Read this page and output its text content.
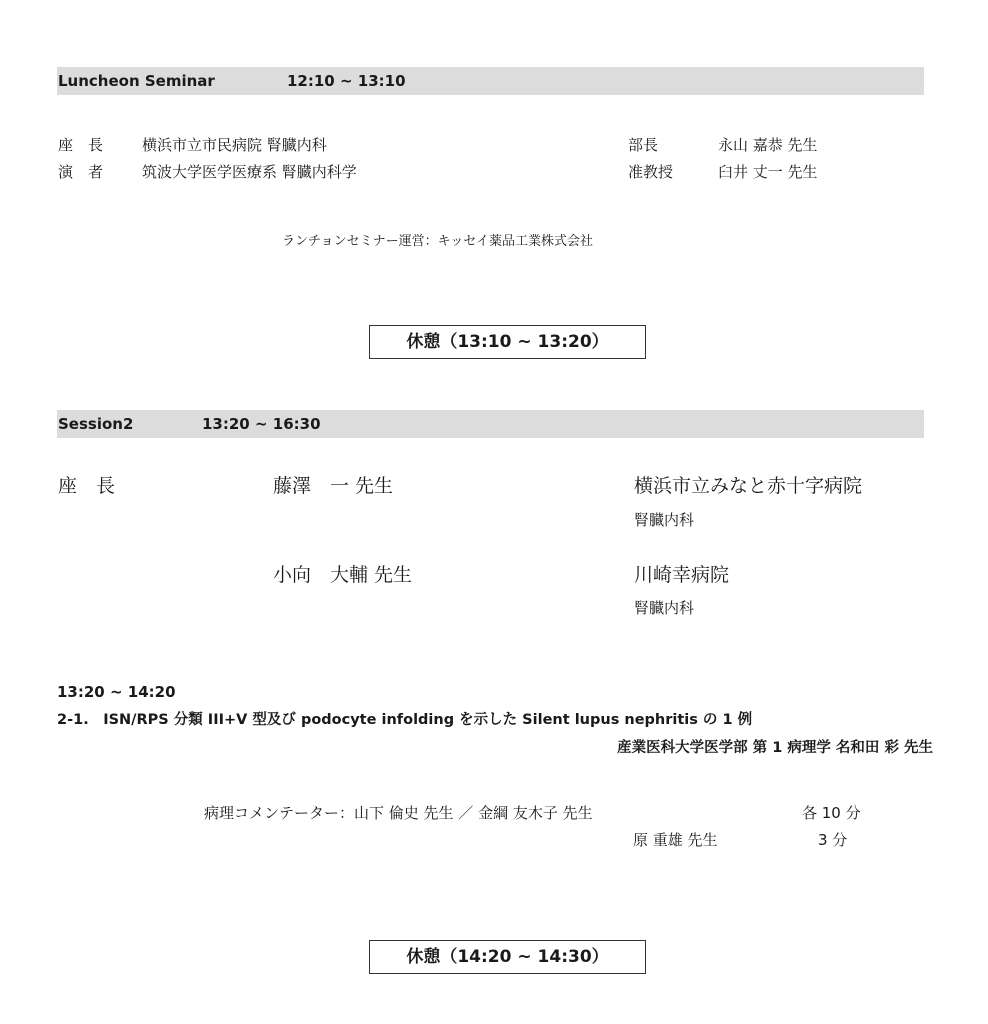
Luncheon Seminar	12:10 ~ 13:10
座　長	横浜市立市民病院 腎臓内科	部長	永山 嘉恭 先生
演　者	筑波大学医学医療系 腎臓内科学	准教授	臼井 丈一 先生
ランチョンセミナー運営：キッセイ薬品工業株式会社
休憩（13:10 ~ 13:20）
Session2	13:20 ~ 16:30
座　長	藤澤　一 先生	横浜市立みなと赤十字病院
腎臓内科
小向　大輔 先生	川崎幸病院
腎臓内科
13:20 ~ 14:20
2-1.　ISN/RPS 分類 III+V 型及び podocyte infolding を示した Silent lupus nephritis の 1 例
産業医科大学医学部 第 1 病理学 名和田 彩 先生
病理コメンテーター：山下 倫史 先生 ／ 金綱 友木子 先生	各 10 分
原 重雄 先生	3 分
休憩（14:20 ~ 14:30）
